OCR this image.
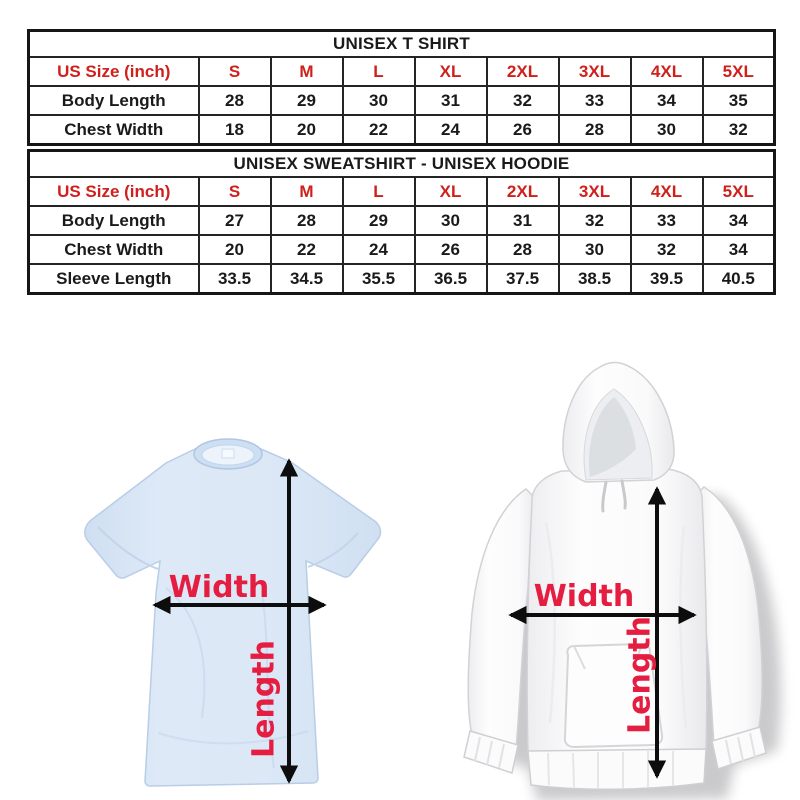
UNISEX T SHIRT								
US Size (inch)	S	M	L	XL	2XL	3XL	4XL	5XL
Body Length	28	29	30	31	32	33	34	35
Chest Width	18	20	22	24	26	28	30	32
UNISEX SWEATSHIRT - UNISEX HOODIE								
US Size (inch)	S	M	L	XL	2XL	3XL	4XL	5XL
Body Length	27	28	29	30	31	32	33	34
Chest Width	20	22	24	26	28	30	32	34
Sleeve Length	33.5	34.5	35.5	36.5	37.5	38.5	39.5	40.5
Width
Length
Width
Length
